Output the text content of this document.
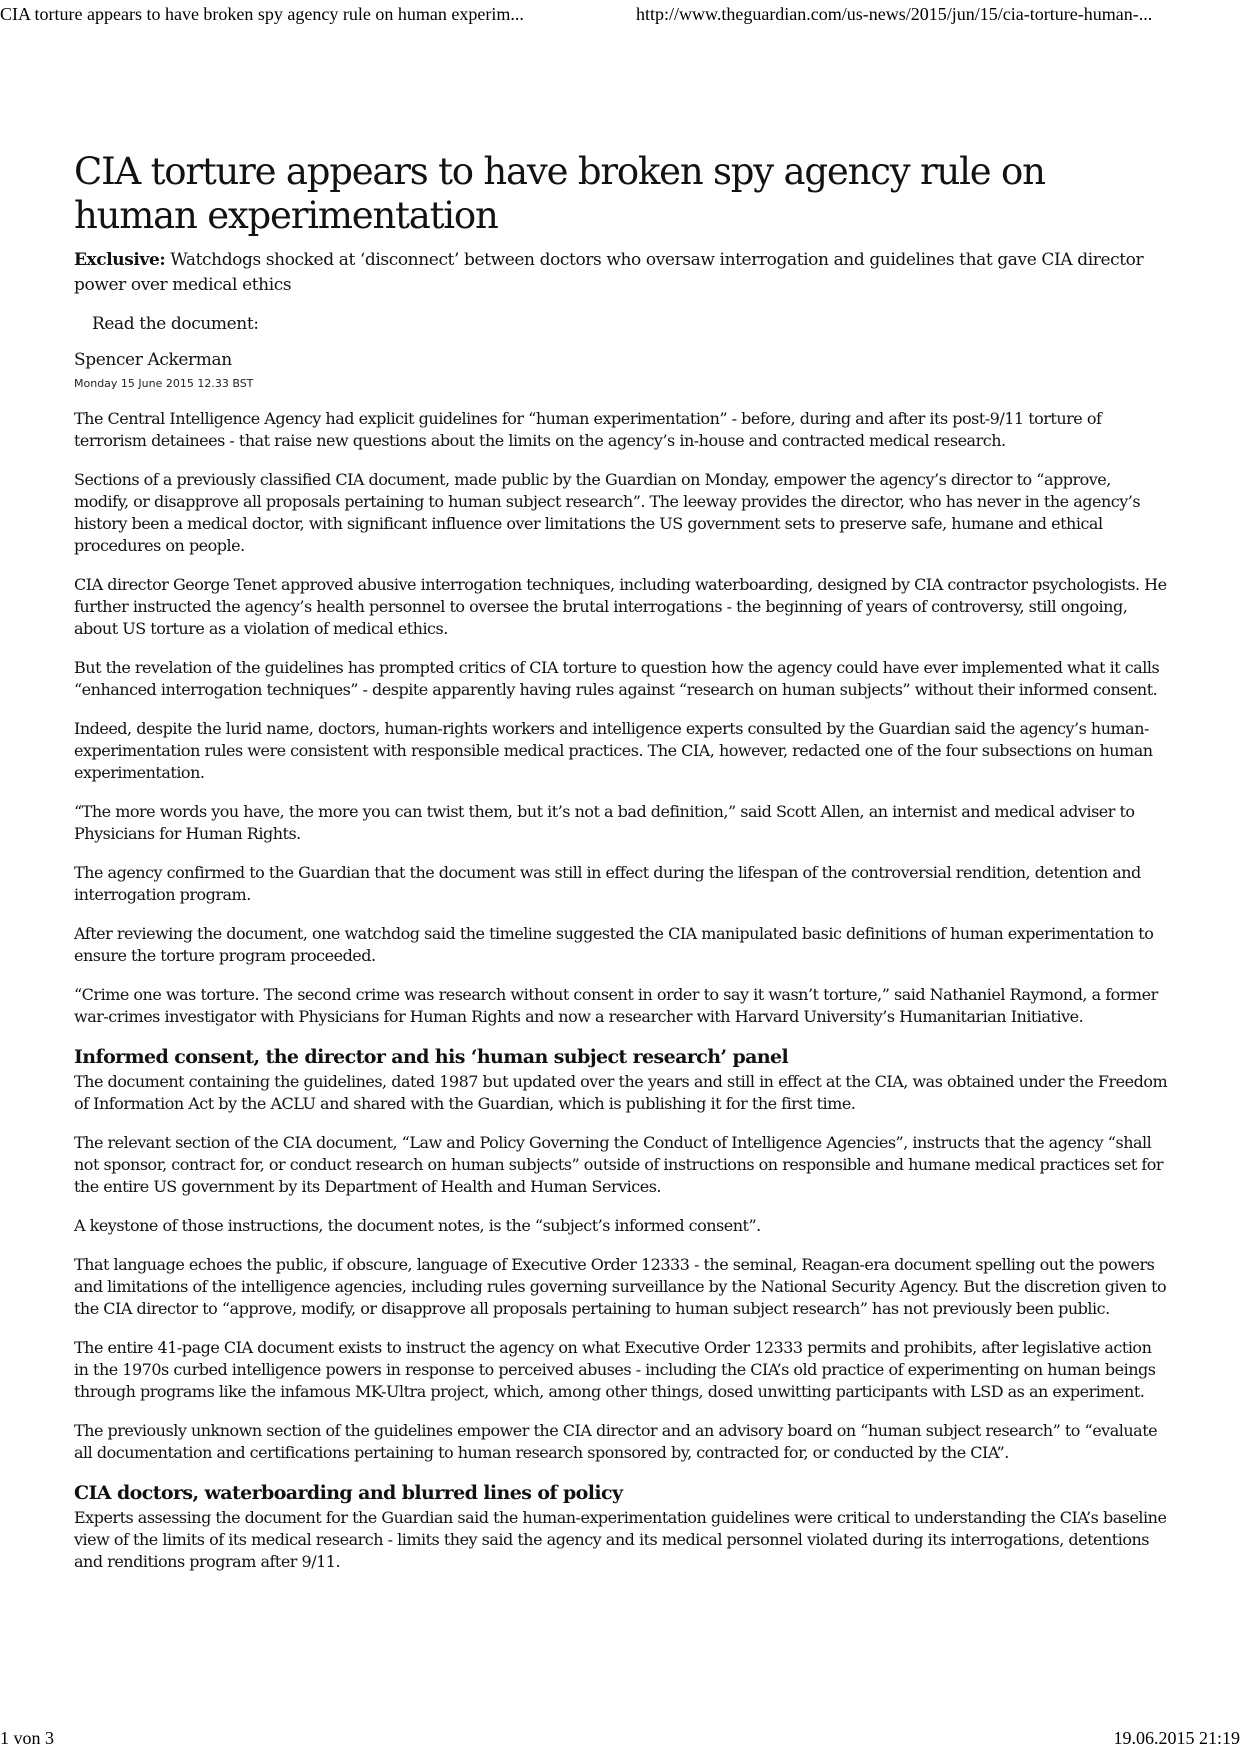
CIA torture appears to have broken spy agency rule on human experim...	http://www.theguardian.com/us-news/2015/jun/15/cia-torture-human-...
CIA torture appears to have broken spy agency rule on human experimentation

Exclusive: Watchdogs shocked at ‘disconnect’ between doctors who oversaw interrogation and guidelines that gave CIA director power over medical ethics

Read the document:

Spencer Ackerman

Monday 15 June 2015 12.33 BST

The Central Intelligence Agency had explicit guidelines for “human experimentation” - before, during and after its post-9/11 torture of terrorism detainees - that raise new questions about the limits on the agency’s in-house and contracted medical research.

Sections of a previously classified CIA document, made public by the Guardian on Monday, empower the agency’s director to “approve, modify, or disapprove all proposals pertaining to human subject research”. The leeway provides the director, who has never in the agency’s history been a medical doctor, with significant influence over limitations the US government sets to preserve safe, humane and ethical procedures on people.

CIA director George Tenet approved abusive interrogation techniques, including waterboarding, designed by CIA contractor psychologists. He further instructed the agency’s health personnel to oversee the brutal interrogations - the beginning of years of controversy, still ongoing, about US torture as a violation of medical ethics.

But the revelation of the guidelines has prompted critics of CIA torture to question how the agency could have ever implemented what it calls “enhanced interrogation techniques” - despite apparently having rules against “research on human subjects” without their informed consent.

Indeed, despite the lurid name, doctors, human-rights workers and intelligence experts consulted by the Guardian said the agency’s human-experimentation rules were consistent with responsible medical practices. The CIA, however, redacted one of the four subsections on human experimentation.

“The more words you have, the more you can twist them, but it’s not a bad definition,” said Scott Allen, an internist and medical adviser to Physicians for Human Rights.

The agency confirmed to the Guardian that the document was still in effect during the lifespan of the controversial rendition, detention and interrogation program.

After reviewing the document, one watchdog said the timeline suggested the CIA manipulated basic definitions of human experimentation to ensure the torture program proceeded.

“Crime one was torture. The second crime was research without consent in order to say it wasn’t torture,” said Nathaniel Raymond, a former war-crimes investigator with Physicians for Human Rights and now a researcher with Harvard University’s Humanitarian Initiative.

Informed consent, the director and his ‘human subject research’ panel

The document containing the guidelines, dated 1987 but updated over the years and still in effect at the CIA, was obtained under the Freedom of Information Act by the ACLU and shared with the Guardian, which is publishing it for the first time.

The relevant section of the CIA document, “Law and Policy Governing the Conduct of Intelligence Agencies”, instructs that the agency “shall not sponsor, contract for, or conduct research on human subjects” outside of instructions on responsible and humane medical practices set for the entire US government by its Department of Health and Human Services.

A keystone of those instructions, the document notes, is the “subject’s informed consent”.

That language echoes the public, if obscure, language of Executive Order 12333 - the seminal, Reagan-era document spelling out the powers and limitations of the intelligence agencies, including rules governing surveillance by the National Security Agency. But the discretion given to the CIA director to “approve, modify, or disapprove all proposals pertaining to human subject research” has not previously been public.

The entire 41-page CIA document exists to instruct the agency on what Executive Order 12333 permits and prohibits, after legislative action in the 1970s curbed intelligence powers in response to perceived abuses - including the CIA’s old practice of experimenting on human beings through programs like the infamous MK-Ultra project, which, among other things, dosed unwitting participants with LSD as an experiment.

The previously unknown section of the guidelines empower the CIA director and an advisory board on “human subject research” to “evaluate all documentation and certifications pertaining to human research sponsored by, contracted for, or conducted by the CIA”.

CIA doctors, waterboarding and blurred lines of policy

Experts assessing the document for the Guardian said the human-experimentation guidelines were critical to understanding the CIA’s baseline view of the limits of its medical research - limits they said the agency and its medical personnel violated during its interrogations, detentions and renditions program after 9/11.

1 von 3	19.06.2015 21:19
